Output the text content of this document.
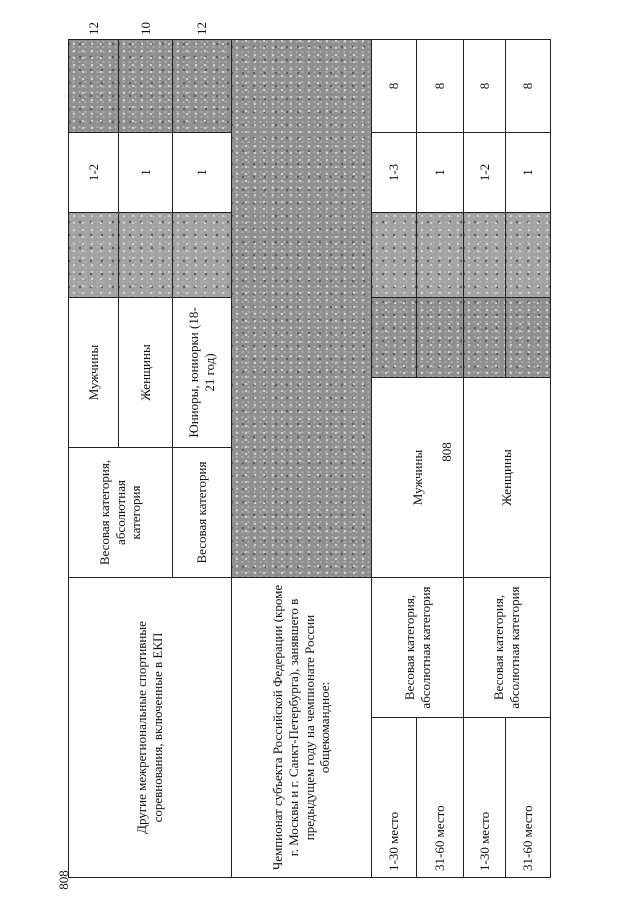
808
808
Другие межрегиональные спортивные соревнования, включенные в ЕКП		Весовая категория, абсолютная категория	Мужчины			1-2		12
			Женщины			1		10
		Весовая категория	Юниоры, юниорки (18-21 год)			1		12
Чемпионат субъекта Российской Федерации (кроме г. Москвы и г. Санкт-Петербурга), занявшего в предыдущем году на чемпионате России общекомандное:								
1-30 место	Весовая категория, абсолютная категория	Мужчины				1-3	8	
31-60 место						1	8	
1-30 место	Весовая категория, абсолютная категория	Женщины				1-2	8	
31-60 место						1	8	
